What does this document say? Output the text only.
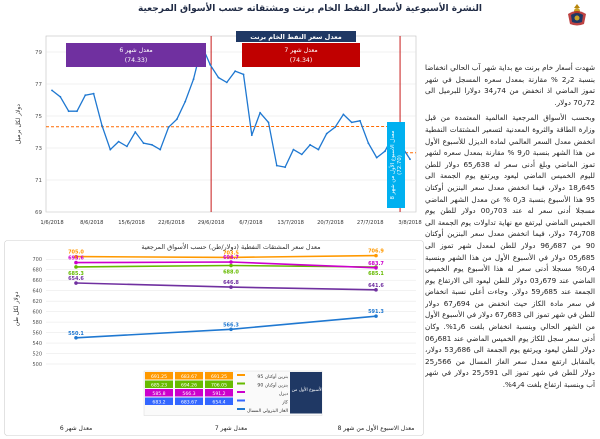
النشرة الأسبوعية لأسعار النفط الخام برنت ومشتقاته حسب الأسواق المرجعية

شهدت أسعار خام برنت مع بداية شهر آب الحالي انخفاضا بنسبة 2ر2 % مقارنة بمعدل سعره المسجل في شهر تموز الماضي اذ انخفض من 74ر34 دولارا للبرميل الى 72ر70 دولار.

وبحسب الأسواق المرجعية العالمية المعتمدة من قبل وزارة الطاقة والثروة المعدنية لتسعير المشتقات النفطية انخفض معدل السعر العالمي لمادة الديزل للأسبوع الأول من هذا الشهر بنسبة 0ر9 % مقارنة بمعدل سعره لشهر تموز الماضي وبلغ أدنى سعر له 638ر65 دولار للطن لليوم الخميس الماضي ليعود ويرتفع يوم الجمعة الى 645ر18 دولار، فيما انخفض معدل سعر البنزين أوكتان 95 هذا الأسبوع بنسبة 3ر0 % عن معدل الشهر الماضي مسجلا أدنى سعر له عند 703ر00 دولار للطن يوم الخميس الماضي ليرتفع مع نهاية تداولات يوم الجمعة الى 708ر74 دولار، فيما انخفض معدل سعر البنزين أوكتان 90 من 687ر96 دولار للطن لمعدل شهر تموز الى 685ر05 دولار في الأسبوع الأول من هذا الشهر وبنسبة 4ر0% مسجلا أدنى سعر له هذا الأسبوع يوم الخميس الماضي عند 679ر03 دولار للطن ليعود الى الارتفاع يوم الجمعة عند 685ر59 دولار. وجاءت أعلى نسبة انخفاض في سعر مادة الكاز حيث انخفض من 694ر67 دولار للطن في شهر تموز الى 683ر67 دولار في الأسبوع الأول من الشهر الحالي وبنسبة انخفاض بلغت 6ر1%. وكان أدنى سعر سجل للكاز يوم الخميس الماضي عند 681ر06 دولار للطن ليعود ويرتفع يوم الجمعة الى 686ر53 دولار، بالمقابل ارتفع معدل سعر الغاز المسال من 566ر25 دولار للطن في شهر تموز الى 591ر25 دولار في شهر آب وبنسبة ارتفاع بلغت 4ر4%.

69
71
73
75
77
79
1/6/2018	8/6/2018	15/6/2018	22/6/2018	29/6/2018	6/7/2018	13/7/2018	20/7/2018	27/7/2018	3/8/2018
معدل سعر النفط الخام برنت
معدل شهر 6
(74.33)
معدل شهر 7
(74.34)
معدل الاسبوع الأول من شهر 8 (72.70)
دولار لكل برميل
معدل سعر المشتقات النفطية (دولار/طن) حسب الأسواق المرجعية
500
520
540
560
580
600
620
640
660
680
700
دولار لكل طن
705.0	703.5	706.9
685.3	688.0	685.1
693.6	694.7
683.7
654.6
646.8	641.6
550.1
566.3
591.3
691.25	683.67	691.25	بنزين أوكتان 95
685.23	694.26	706.05	بنزين أوكتان 90
585.8	566.3	591.2	ديزل
683.2	683.67	654.4	كاز
الغاز البترولي المسال
معدل الأسبوع الأول من شهر 8
معدل شهر 6	معدل شهر 7	معدل الاسبوع الأول من شهر 8
